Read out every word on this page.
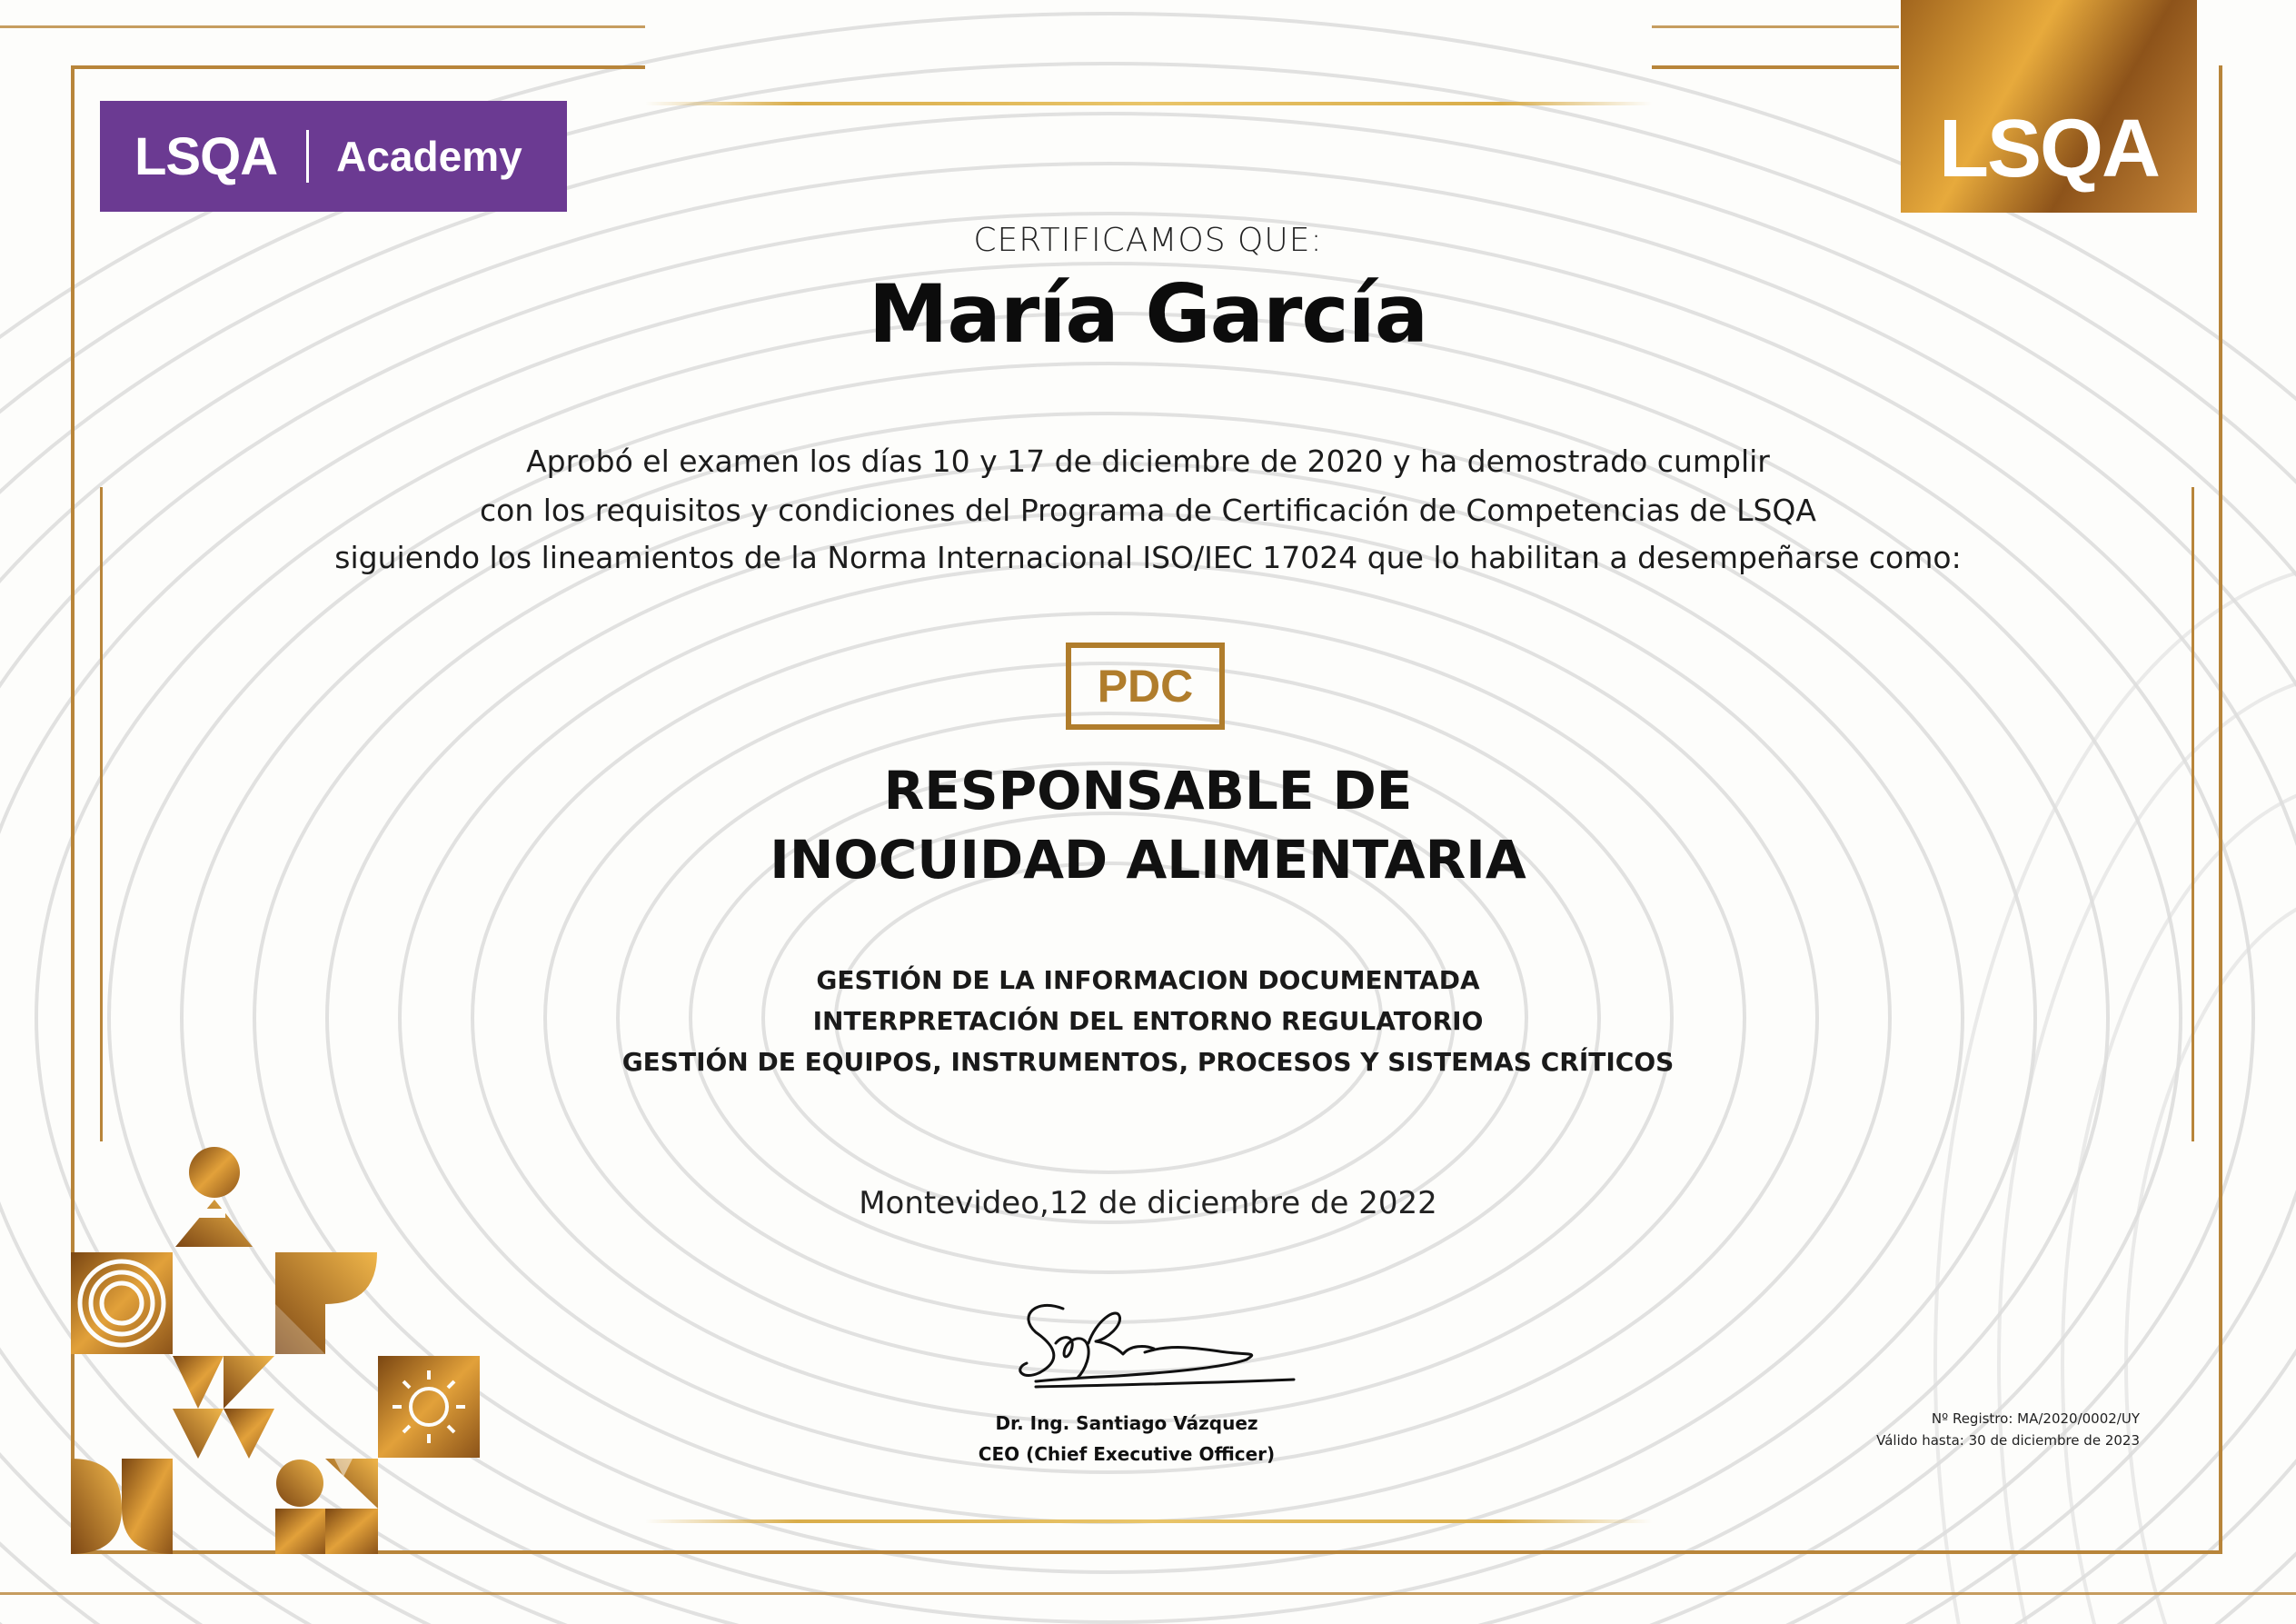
LSQA Academy	LSQA
CERTIFICAMOS QUE:
María García
Aprobó el examen los días 10 y 17 de diciembre de 2020 y ha demostrado cumplir
con los requisitos y condiciones del Programa de Certificación de Competencias de LSQA
siguiendo los lineamientos de la Norma Internacional ISO/IEC 17024 que lo habilitan a desempeñarse como:
PDC
RESPONSABLE DE
INOCUIDAD ALIMENTARIA
GESTIÓN DE LA INFORMACION DOCUMENTADA
INTERPRETACIÓN DEL ENTORNO REGULATORIO
GESTIÓN DE EQUIPOS, INSTRUMENTOS, PROCESOS Y SISTEMAS CRÍTICOS
Montevideo,12 de diciembre de 2022
Dr. Ing. Santiago Vázquez
CEO (Chief Executive Officer)
Nº Registro: MA/2020/0002/UY
Válido hasta: 30 de diciembre de 2023
